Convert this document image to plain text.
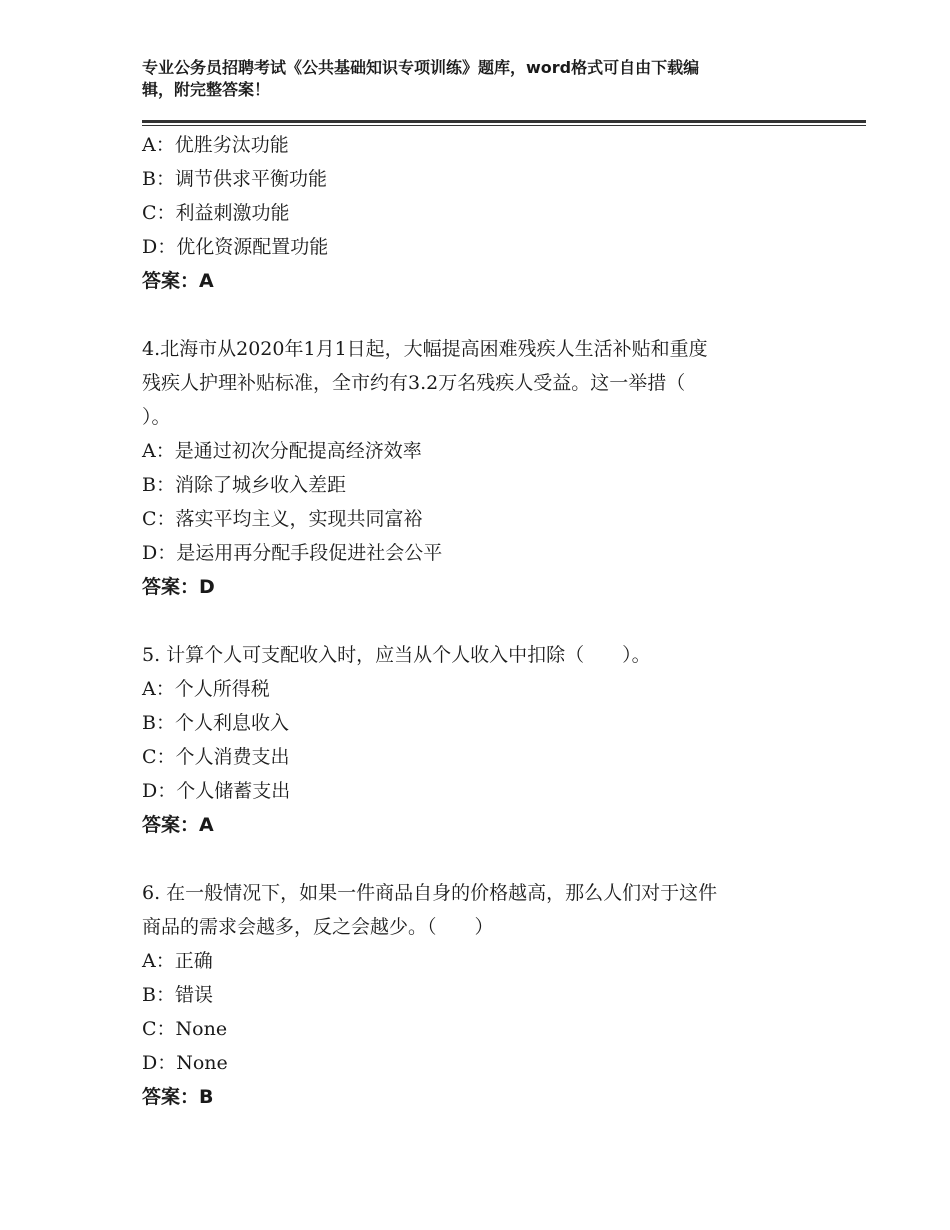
专业公务员招聘考试《公共基础知识专项训练》题库，word格式可自由下载编
辑，附完整答案！
A：优胜劣汰功能
B：调节供求平衡功能
C：利益刺激功能
D：优化资源配置功能
答案：A
4.北海市从2020年1月1日起，大幅提高困难残疾人生活补贴和重度
残疾人护理补贴标准，全市约有3.2万名残疾人受益。这一举措（
）。
A：是通过初次分配提高经济效率
B：消除了城乡收入差距
C：落实平均主义，实现共同富裕
D：是运用再分配手段促进社会公平
答案：D
5. 计算个人可支配收入时，应当从个人收入中扣除（　　）。
A：个人所得税
B：个人利息收入
C：个人消费支出
D：个人储蓄支出
答案：A
6. 在一般情况下，如果一件商品自身的价格越高，那么人们对于这件
商品的需求会越多，反之会越少。（　　）
A：正确
B：错误
C：None
D：None
答案：B
